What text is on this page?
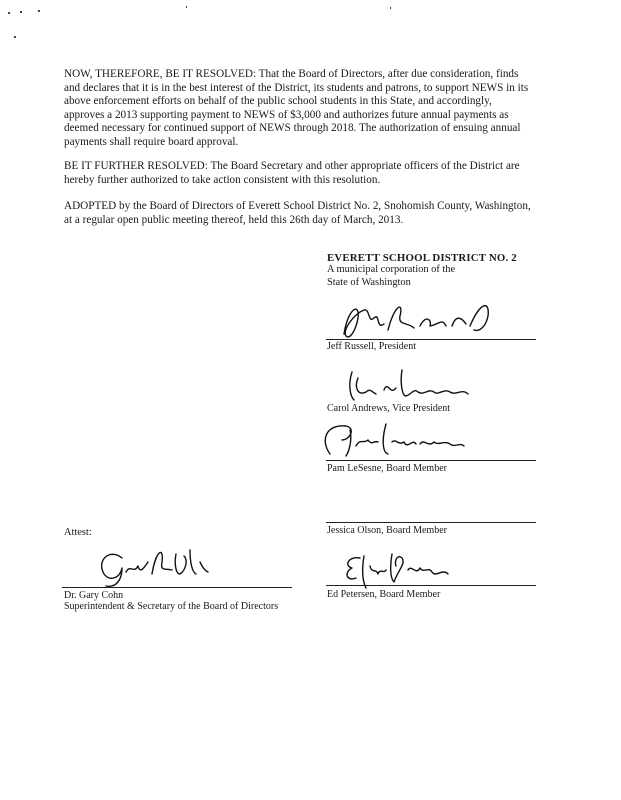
NOW, THEREFORE, BE IT RESOLVED: That the Board of Directors, after due consideration, finds and declares that it is in the best interest of the District, its students and patrons, to support NEWS in its above enforcement efforts on behalf of the public school students in this State, and accordingly, approves a 2013 supporting payment to NEWS of $3,000 and authorizes future annual payments as deemed necessary for continued support of NEWS through 2018. The authorization of ensuing annual payments shall require board approval.

BE IT FURTHER RESOLVED: The Board Secretary and other appropriate officers of the District are hereby further authorized to take action consistent with this resolution.

ADOPTED by the Board of Directors of Everett School District No. 2, Snohomish County, Washington, at a regular open public meeting thereof, held this 26th day of March, 2013.

EVERETT SCHOOL DISTRICT NO. 2
A municipal corporation of the
State of Washington
Jeff Russell, President
Carol Andrews, Vice President
Pam LeSesne, Board Member
Jessica Olson, Board Member
Attest:
Dr. Gary Cohn
Superintendent & Secretary of the Board of Directors
Ed Petersen, Board Member
